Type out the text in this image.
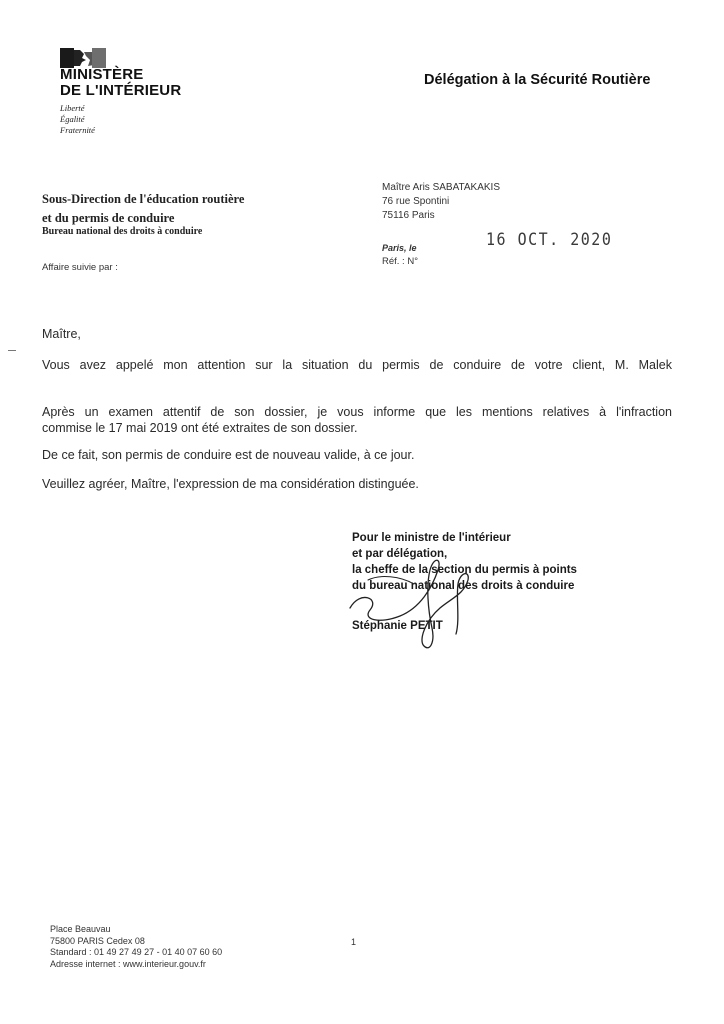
MINISTÈRE
DE L'INTÉRIEUR
Liberté
Égalité
Fraternité
Délégation à la Sécurité Routière
Sous-Direction de l'éducation routière
et du permis de conduire
Bureau national des droits à conduire
Affaire suivie par :
Maître Aris SABATAKAKIS
76 rue Spontini
75116 Paris
Paris, le	16 OCT. 2020
Réf. : N°
Maître,
Vous avez appelé mon attention sur la situation du permis de conduire de votre client, M. Malek
Après un examen attentif de son dossier, je vous informe que les mentions relatives à l'infraction
commise le 17 mai 2019 ont été extraites de son dossier.
De ce fait, son permis de conduire est de nouveau valide, à ce jour.
Veuillez agréer, Maître, l'expression de ma considération distinguée.
Pour le ministre de l'intérieur
et par délégation,
la cheffe de la section du permis à points
du bureau national des droits à conduire
Stéphanie PETIT
Place Beauvau
75800 PARIS Cedex 08
Standard : 01 49 27 49 27 - 01 40 07 60 60
Adresse internet : www.interieur.gouv.fr
1
